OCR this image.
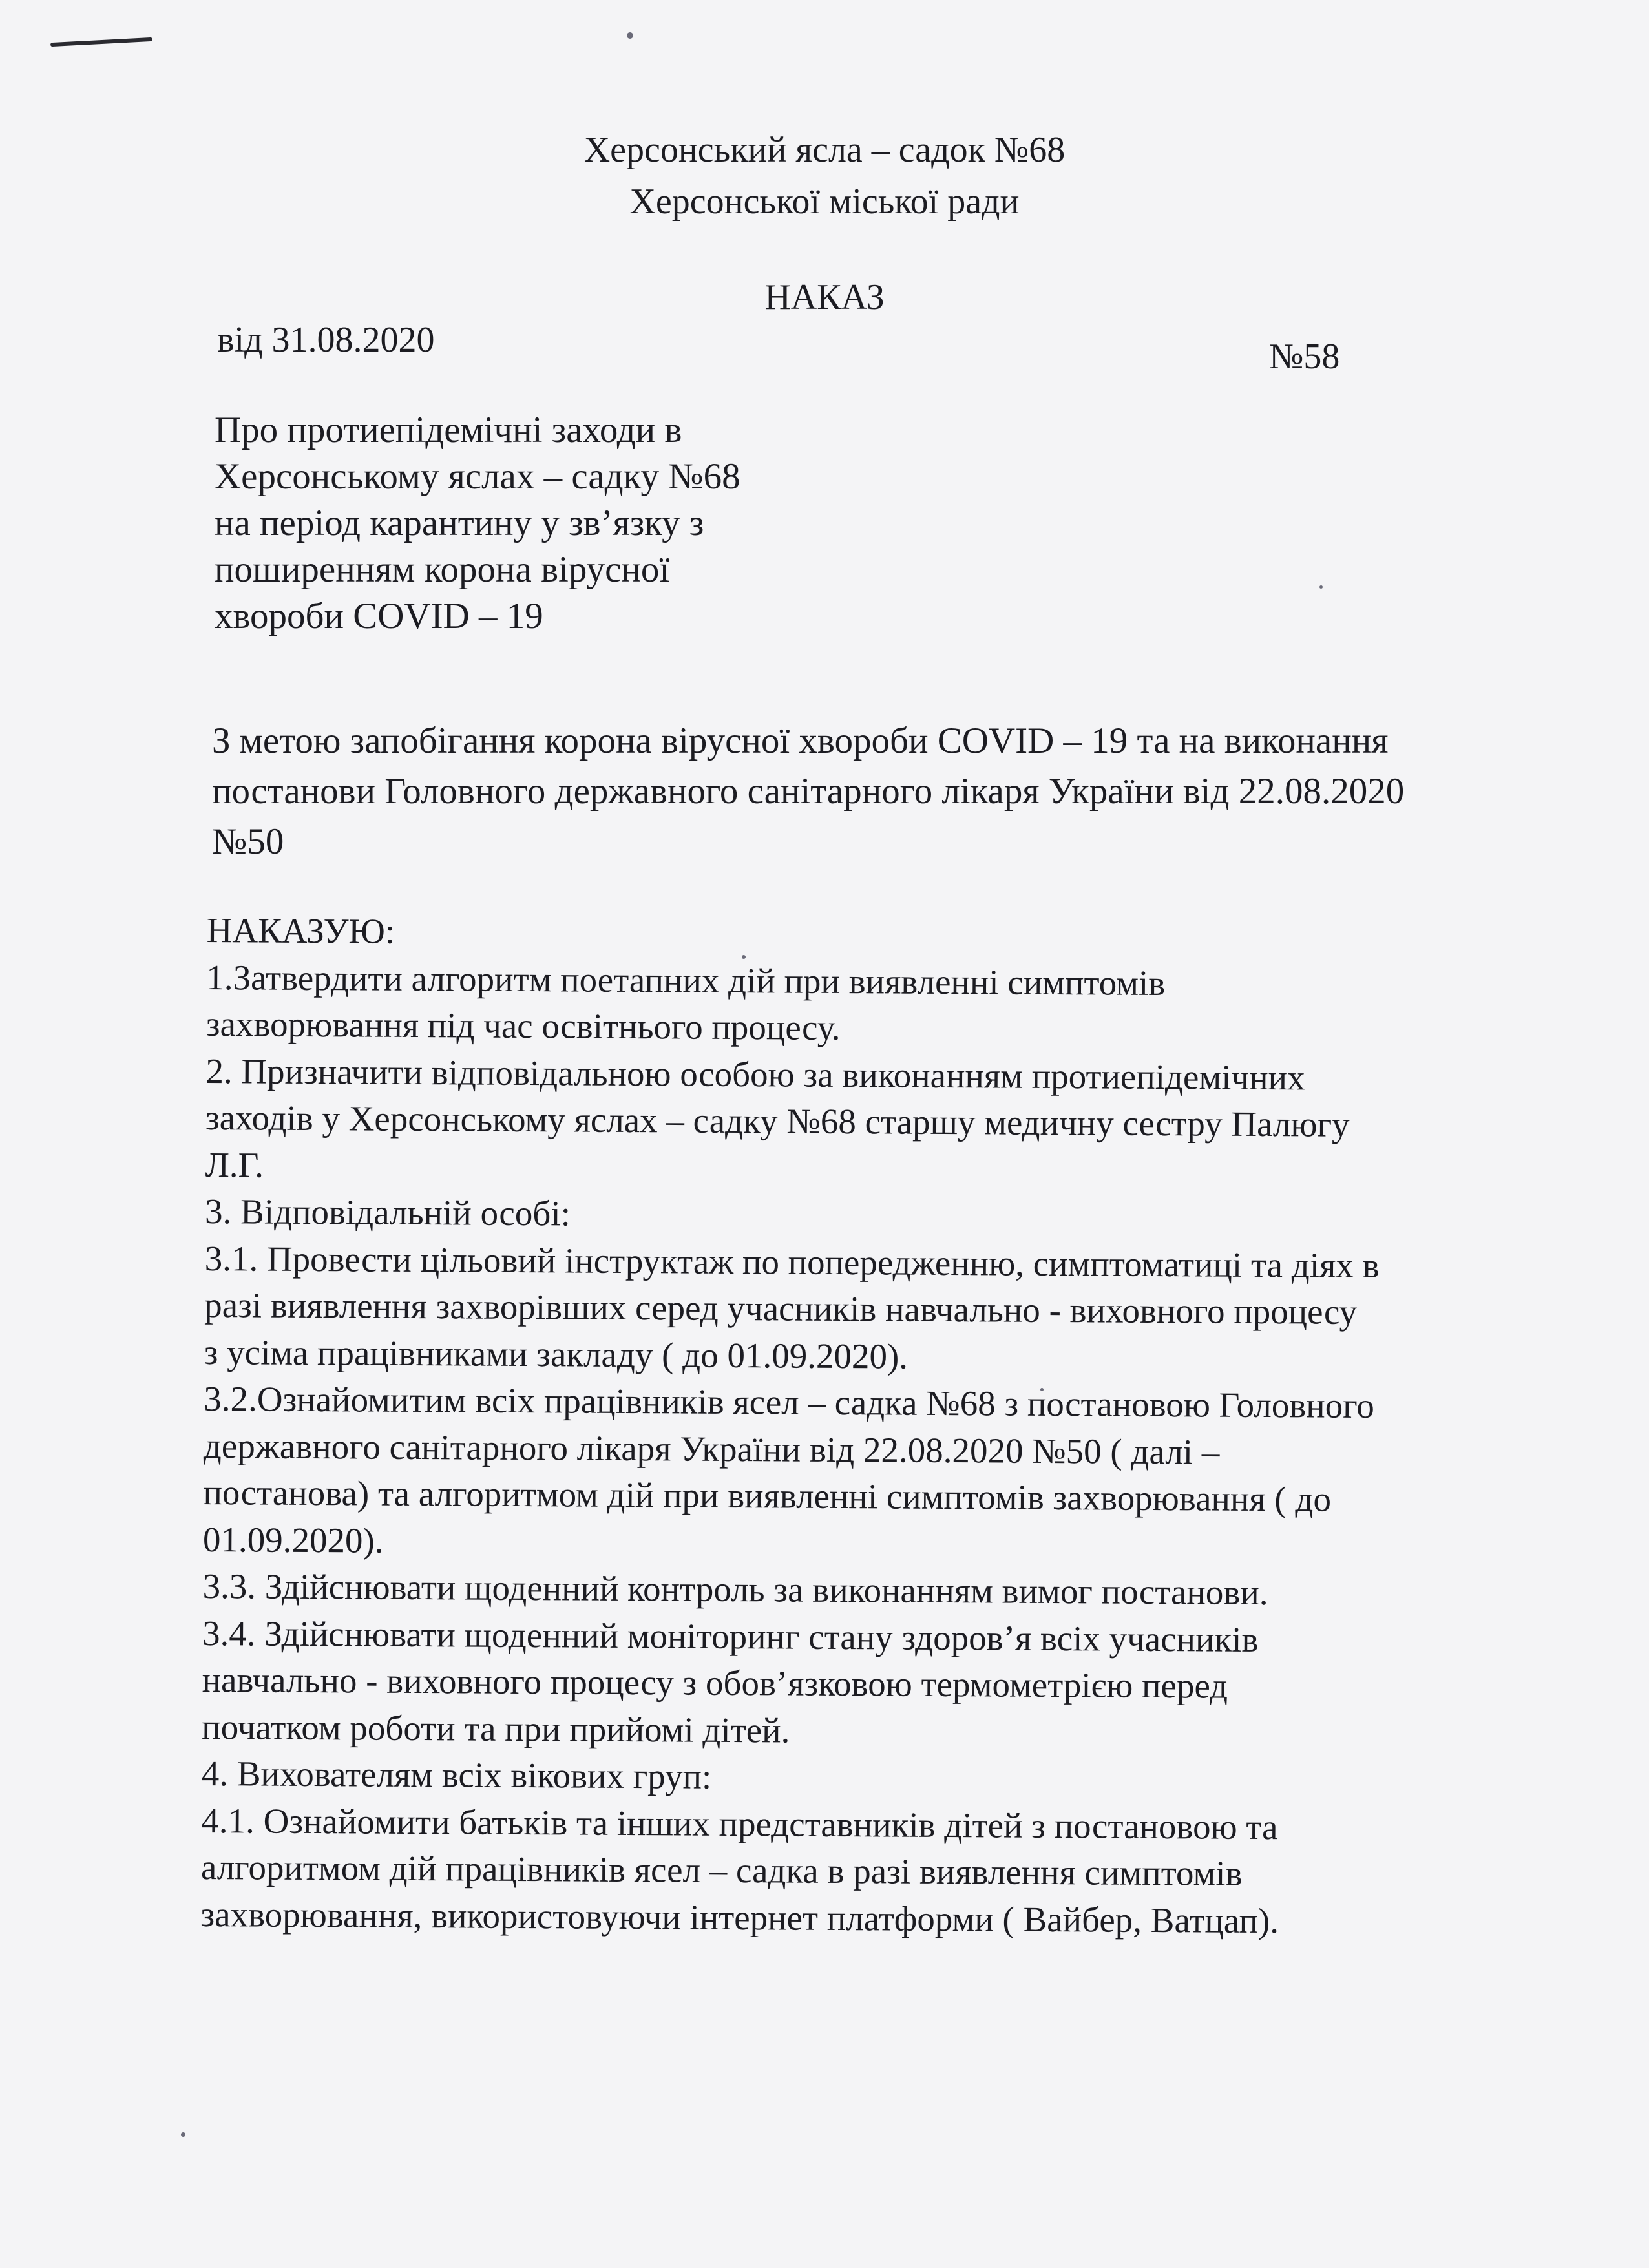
Херсонський ясла – садок №68
Херсонської міської ради
НАКАЗ
від 31.08.2020	№58
Про протиепідемічні заходи в
Херсонському яслах – садку №68
на період карантину у зв’язку з
поширенням корона вірусної
хвороби COVID – 19
З метою запобігання корона вірусної хвороби COVID – 19 та на виконання
постанови Головного державного санітарного лікаря України від 22.08.2020
№50
НАКАЗУЮ:
1.Затвердити алгоритм поетапних дій при виявленні симптомів
захворювання під час освітнього процесу.
2. Призначити відповідальною особою за виконанням протиепідемічних
заходів у Херсонському яслах – садку №68 старшу медичну сестру Палюгу
Л.Г.
3. Відповідальній особі:
3.1. Провести цільовий інструктаж по попередженню, симптоматиці та діях в
разі виявлення захворівших серед учасників навчально - виховного процесу
з усіма працівниками закладу ( до 01.09.2020).
3.2.Ознайомитим всіх працівників ясел – садка №68 з постановою Головного
державного санітарного лікаря України від 22.08.2020 №50 ( далі –
постанова) та алгоритмом дій при виявленні симптомів захворювання ( до
01.09.2020).
3.3. Здійснювати щоденний контроль за виконанням вимог постанови.
3.4. Здійснювати щоденний моніторинг стану здоров’я всіх учасників
навчально - виховного процесу з обов’язковою термометрією перед
початком роботи та при прийомі дітей.
4. Вихователям всіх вікових груп:
4.1. Ознайомити батьків та інших представників дітей з постановою та
алгоритмом дій працівників ясел – садка в разі виявлення симптомів
захворювання, використовуючи інтернет платформи ( Вайбер, Ватцап).
